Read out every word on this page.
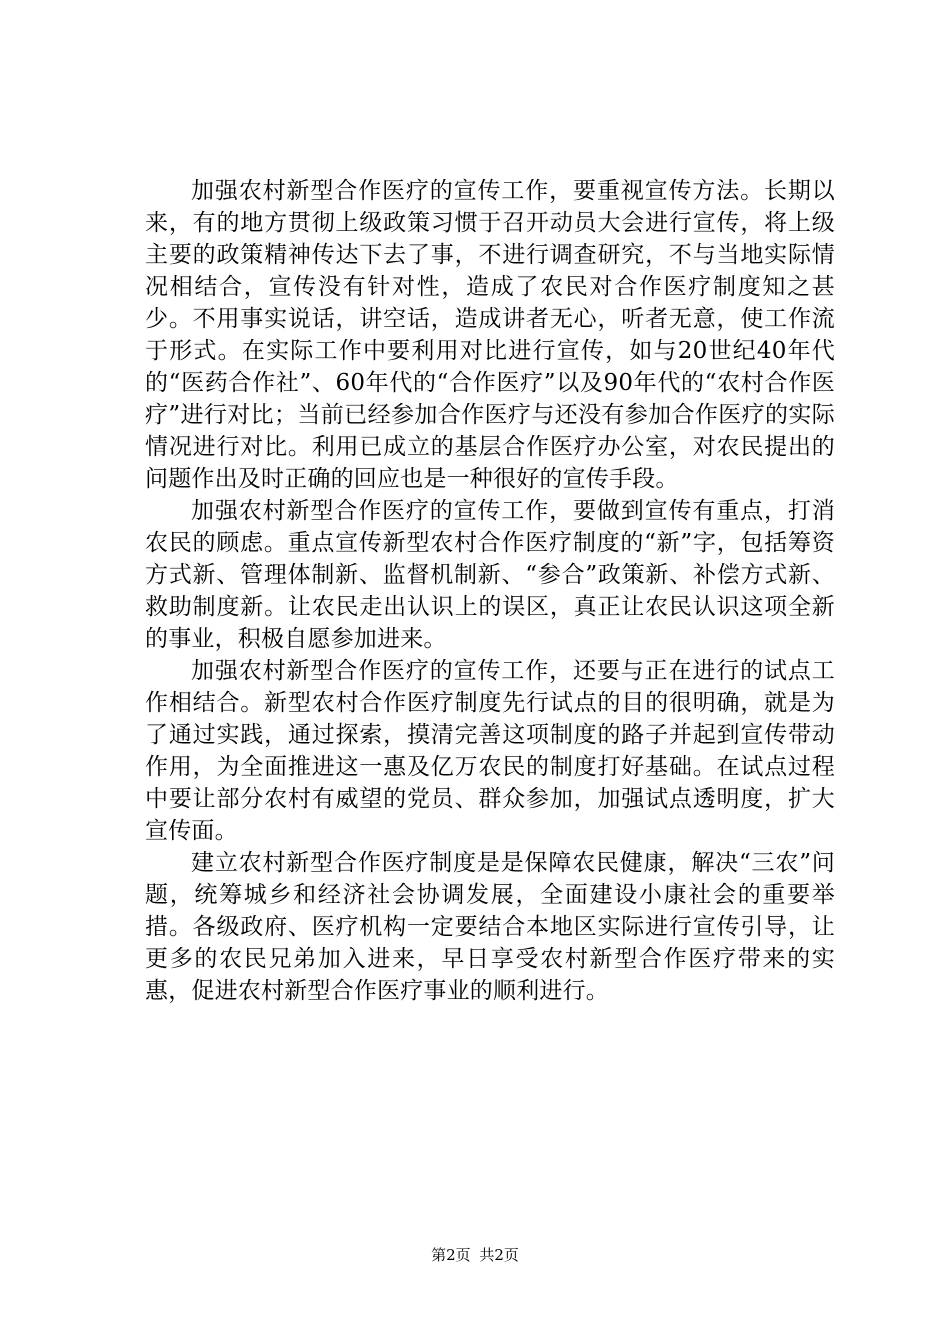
加强农村新型合作医疗的宣传工作，要重视宣传方法。长期以来，有的地方贯彻上级政策习惯于召开动员大会进行宣传，将上级主要的政策精神传达下去了事，不进行调查研究，不与当地实际情况相结合，宣传没有针对性，造成了农民对合作医疗制度知之甚少。不用事实说话，讲空话，造成讲者无心，听者无意，使工作流于形式。在实际工作中要利用对比进行宣传，如与20世纪40年代的“医药合作社”、60年代的“合作医疗”以及90年代的“农村合作医疗”进行对比；当前已经参加合作医疗与还没有参加合作医疗的实际情况进行对比。利用已成立的基层合作医疗办公室，对农民提出的问题作出及时正确的回应也是一种很好的宣传手段。

加强农村新型合作医疗的宣传工作，要做到宣传有重点，打消农民的顾虑。重点宣传新型农村合作医疗制度的“新”字，包括筹资方式新、管理体制新、监督机制新、“参合”政策新、补偿方式新、救助制度新。让农民走出认识上的误区，真正让农民认识这项全新的事业，积极自愿参加进来。

加强农村新型合作医疗的宣传工作，还要与正在进行的试点工作相结合。新型农村合作医疗制度先行试点的目的很明确，就是为了通过实践，通过探索，摸清完善这项制度的路子并起到宣传带动作用，为全面推进这一惠及亿万农民的制度打好基础。在试点过程中要让部分农村有威望的党员、群众参加，加强试点透明度，扩大宣传面。

建立农村新型合作医疗制度是是保障农民健康，解决“三农”问题，统筹城乡和经济社会协调发展，全面建设小康社会的重要举措。各级政府、医疗机构一定要结合本地区实际进行宣传引导，让更多的农民兄弟加入进来，早日享受农村新型合作医疗带来的实惠，促进农村新型合作医疗事业的顺利进行。

第2页 共2页
